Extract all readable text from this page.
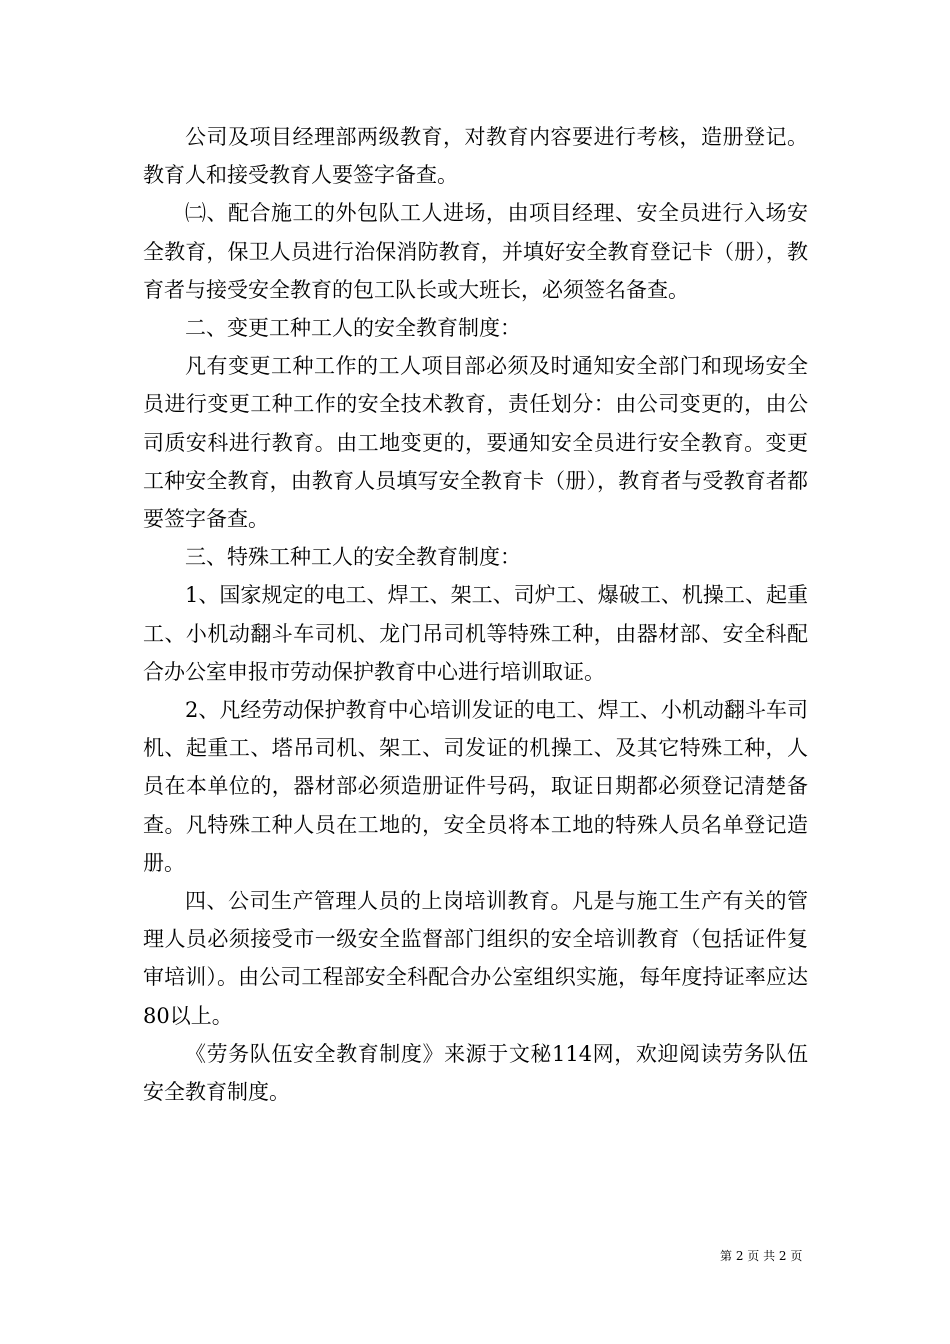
公司及项目经理部两级教育，对教育内容要进行考核，造册登记。教育人和接受教育人要签字备查。

㈡、配合施工的外包队工人进场，由项目经理、安全员进行入场安全教育，保卫人员进行治保消防教育，并填好安全教育登记卡（册），教育者与接受安全教育的包工队长或大班长，必须签名备查。

二、变更工种工人的安全教育制度：

凡有变更工种工作的工人项目部必须及时通知安全部门和现场安全员进行变更工种工作的安全技术教育，责任划分：由公司变更的，由公司质安科进行教育。由工地变更的，要通知安全员进行安全教育。变更工种安全教育，由教育人员填写安全教育卡（册），教育者与受教育者都要签字备查。

三、特殊工种工人的安全教育制度：

1、国家规定的电工、焊工、架工、司炉工、爆破工、机操工、起重工、小机动翻斗车司机、龙门吊司机等特殊工种，由器材部、安全科配合办公室申报市劳动保护教育中心进行培训取证。

2、凡经劳动保护教育中心培训发证的电工、焊工、小机动翻斗车司机、起重工、塔吊司机、架工、司发证的机操工、及其它特殊工种，人员在本单位的，器材部必须造册证件号码，取证日期都必须登记清楚备查。凡特殊工种人员在工地的，安全员将本工地的特殊人员名单登记造册。

四、公司生产管理人员的上岗培训教育。凡是与施工生产有关的管理人员必须接受市一级安全监督部门组织的安全培训教育（包括证件复审培训）。由公司工程部安全科配合办公室组织实施，每年度持证率应达80以上。

《劳务队伍安全教育制度》来源于文秘114网，欢迎阅读劳务队伍安全教育制度。

第 2 页 共 2 页
